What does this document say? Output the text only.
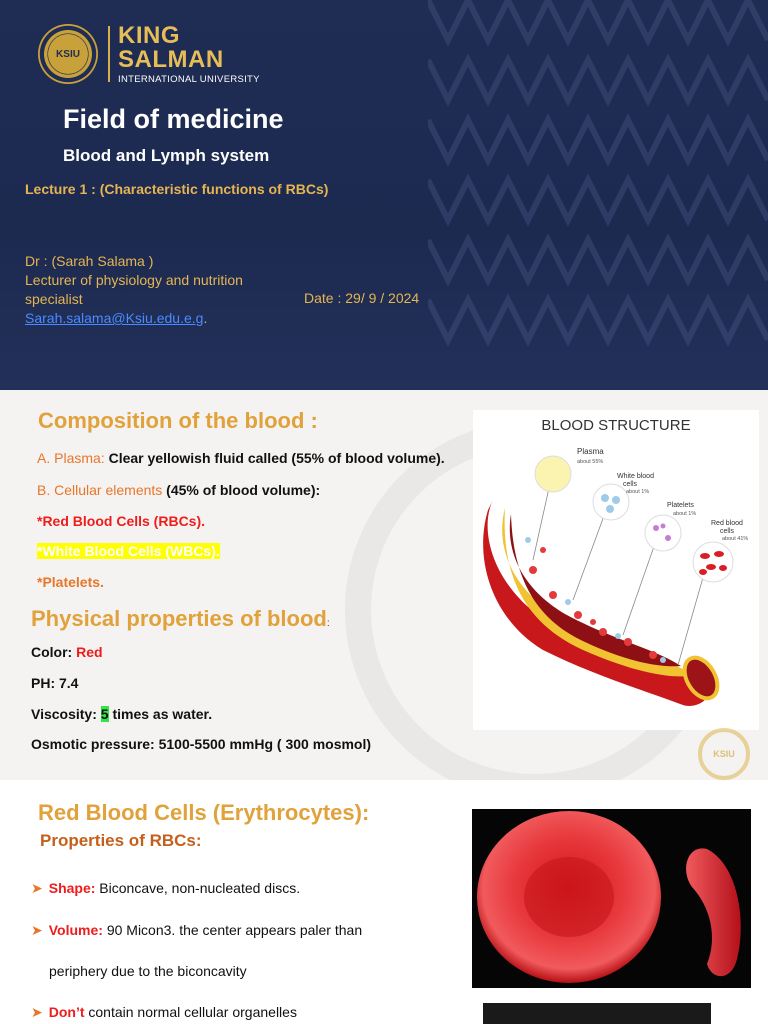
KSIU
KING
SALMAN
INTERNATIONAL UNIVERSITY
Field of medicine
Blood and Lymph system
Lecture 1 : (Characteristic functions of RBCs)
Dr : (Sarah Salama )
Lecturer of physiology and nutrition
specialist
Sarah.salama@Ksiu.edu.e.g.
Date : 29/ 9 / 2024
Composition of the blood :
A. Plasma: Clear yellowish fluid called (55% of blood volume).
B. Cellular elements (45% of blood volume):
*Red Blood Cells (RBCs).
*White Blood Cells (WBCs).
*Platelets.
Physical properties of blood:
Color: Red
PH: 7.4
Viscosity: 5 times as water.
Osmotic pressure: 5100-5500 mmHg ( 300 mosmol)
BLOOD STRUCTURE
Plasma
about 55%
White blood
cells
about 1%
Platelets
about 1%
Red blood
cells
about 41%
KSIU
Red Blood Cells (Erythrocytes):
Properties of RBCs:
➤ Shape: Biconcave, non-nucleated discs.
➤ Volume: 90 Micon3. the center appears paler than
periphery due to the biconcavity
➤ Don’t contain normal cellular organelles
